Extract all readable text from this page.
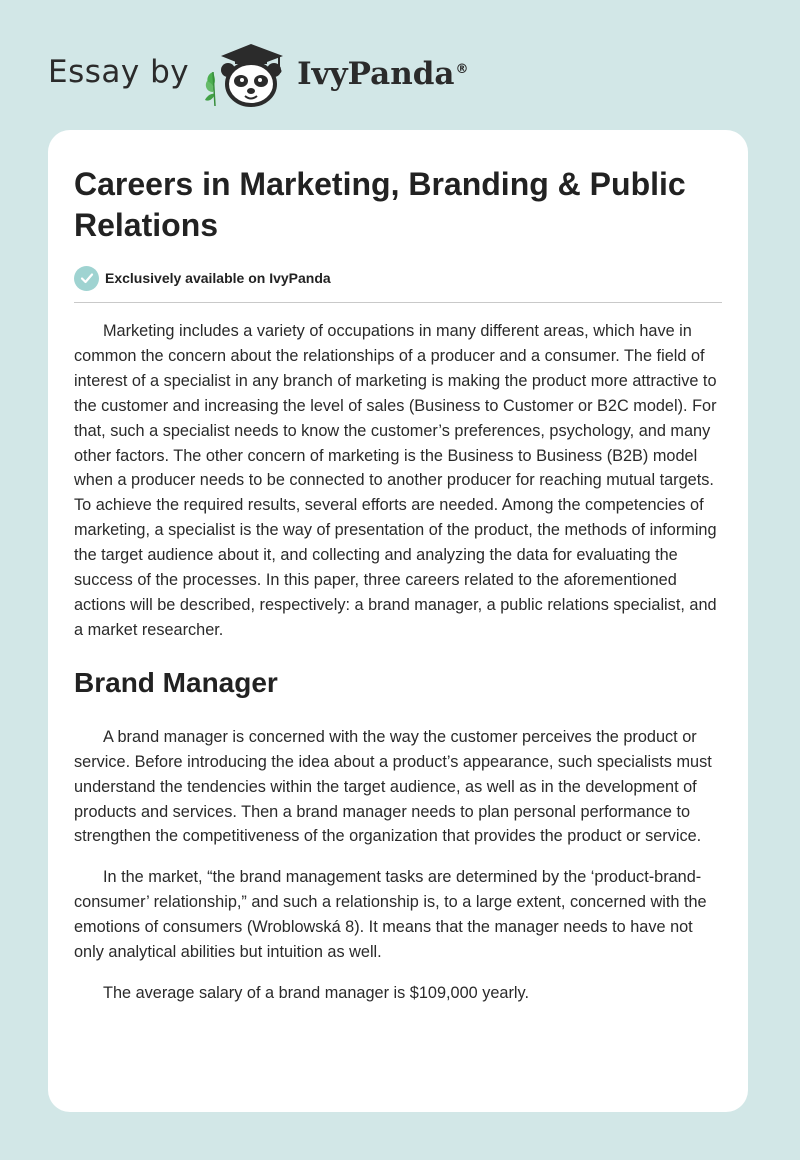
Essay by	IvyPanda®
Careers in Marketing, Branding & Public Relations
Exclusively available on IvyPanda

Marketing includes a variety of occupations in many different areas, which have in common the concern about the relationships of a producer and a consumer. The field of interest of a specialist in any branch of marketing is making the product more attractive to the customer and increasing the level of sales (Business to Customer or B2C model). For that, such a specialist needs to know the customer’s preferences, psychology, and many other factors. The other concern of marketing is the Business to Business (B2B) model when a producer needs to be connected to another producer for reaching mutual targets. To achieve the required results, several efforts are needed. Among the competencies of marketing, a specialist is the way of presentation of the product, the methods of informing the target audience about it, and collecting and analyzing the data for evaluating the success of the processes. In this paper, three careers related to the aforementioned actions will be described, respectively: a brand manager, a public relations specialist, and a market researcher.

Brand Manager

A brand manager is concerned with the way the customer perceives the product or service. Before introducing the idea about a product’s appearance, such specialists must understand the tendencies within the target audience, as well as in the development of products and services. Then a brand manager needs to plan personal performance to strengthen the competitiveness of the organization that provides the product or service.

In the market, “the brand management tasks are determined by the ‘product-brand-consumer’ relationship,” and such a relationship is, to a large extent, concerned with the emotions of consumers (Wroblowská 8). It means that the manager needs to have not only analytical abilities but intuition as well.

The average salary of a brand manager is $109,000 yearly.
